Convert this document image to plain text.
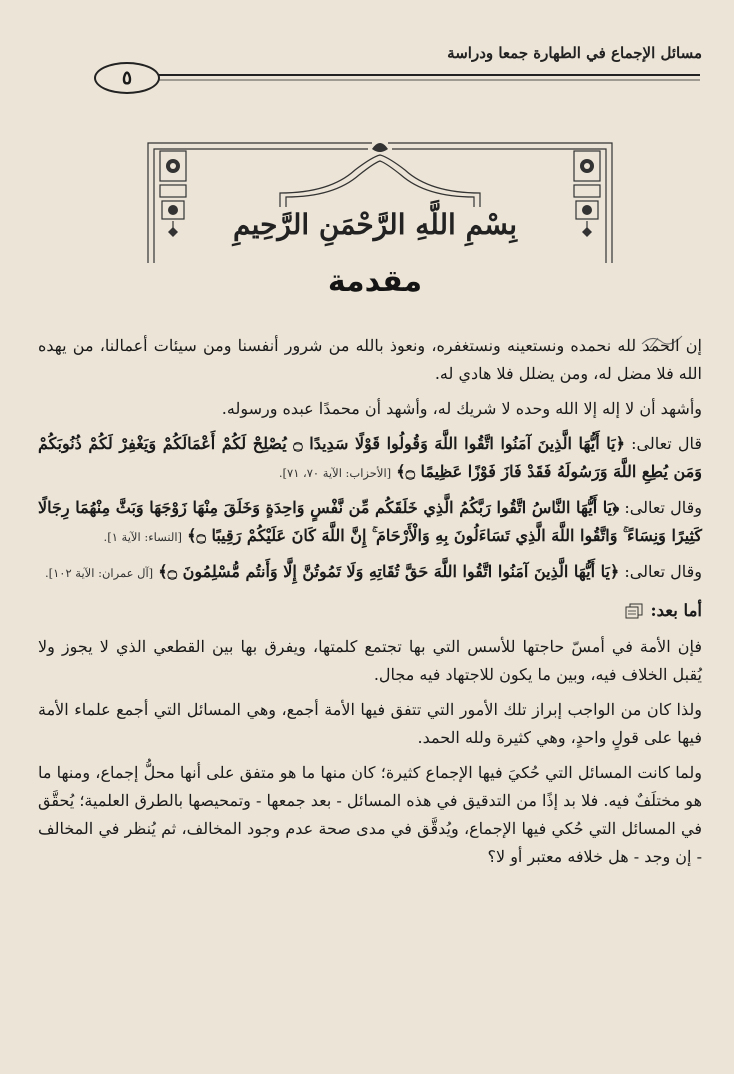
مسائل الإجماع في الطهارة جمعا ودراسة
٥
بِسْمِ اللَّهِ الرَّحْمَنِ الرَّحِيمِ
مقدمة

إن الحمد لله نحمده ونستعينه ونستغفره، ونعوذ بالله من شرور أنفسنا ومن سيئات أعمالنا، من يهده الله فلا مضل له، ومن يضلل فلا هادي له.

وأشهد أن لا إله إلا الله وحده لا شريك له، وأشهد أن محمدًا عبده ورسوله.

قال تعالى: ﴿يَا أَيُّهَا الَّذِينَ آمَنُوا اتَّقُوا اللَّهَ وَقُولُوا قَوْلًا سَدِيدًا ۝ يُصْلِحْ لَكُمْ أَعْمَالَكُمْ وَيَغْفِرْ لَكُمْ ذُنُوبَكُمْ وَمَن يُطِعِ اللَّهَ وَرَسُولَهُ فَقَدْ فَازَ فَوْزًا عَظِيمًا ۝﴾ [الأحزاب: الآية ٧٠، ٧١].

وقال تعالى: ﴿يَا أَيُّهَا النَّاسُ اتَّقُوا رَبَّكُمُ الَّذِي خَلَقَكُم مِّن نَّفْسٍ وَاحِدَةٍ وَخَلَقَ مِنْهَا زَوْجَهَا وَبَثَّ مِنْهُمَا رِجَالًا كَثِيرًا وَنِسَاءً ۚ وَاتَّقُوا اللَّهَ الَّذِي تَسَاءَلُونَ بِهِ وَالْأَرْحَامَ ۚ إِنَّ اللَّهَ كَانَ عَلَيْكُمْ رَقِيبًا ۝﴾ [النساء: الآية ١].

وقال تعالى: ﴿يَا أَيُّهَا الَّذِينَ آمَنُوا اتَّقُوا اللَّهَ حَقَّ تُقَاتِهِ وَلَا تَمُوتُنَّ إِلَّا وَأَنتُم مُّسْلِمُونَ ۝﴾ [آل عمران: الآية ١٠٢].

أما بعد:

فإن الأمة في أمسّ حاجتها للأسس التي بها تجتمع كلمتها، ويفرق بها بين القطعي الذي لا يجوز ولا يُقبل الخلاف فيه، وبين ما يكون للاجتهاد فيه مجال.

ولذا كان من الواجب إبراز تلك الأمور التي تتفق فيها الأمة أجمع، وهي المسائل التي أجمع علماء الأمة فيها على قولٍ واحدٍ، وهي كثيرة ولله الحمد.

ولما كانت المسائل التي حُكيَ فيها الإجماع كثيرة؛ كان منها ما هو متفق على أنها محلُّ إجماع، ومنها ما هو مختلَفٌ فيه. فلا بد إذًا من التدقيق في هذه المسائل - بعد جمعها - وتمحيصها بالطرق العلمية؛ يُحقَّق في المسائل التي حُكي فيها الإجماع، ويُدقَّق في مدى صحة عدم وجود المخالف، ثم يُنظر في المخالف - إن وجد - هل خلافه معتبر أو لا؟
